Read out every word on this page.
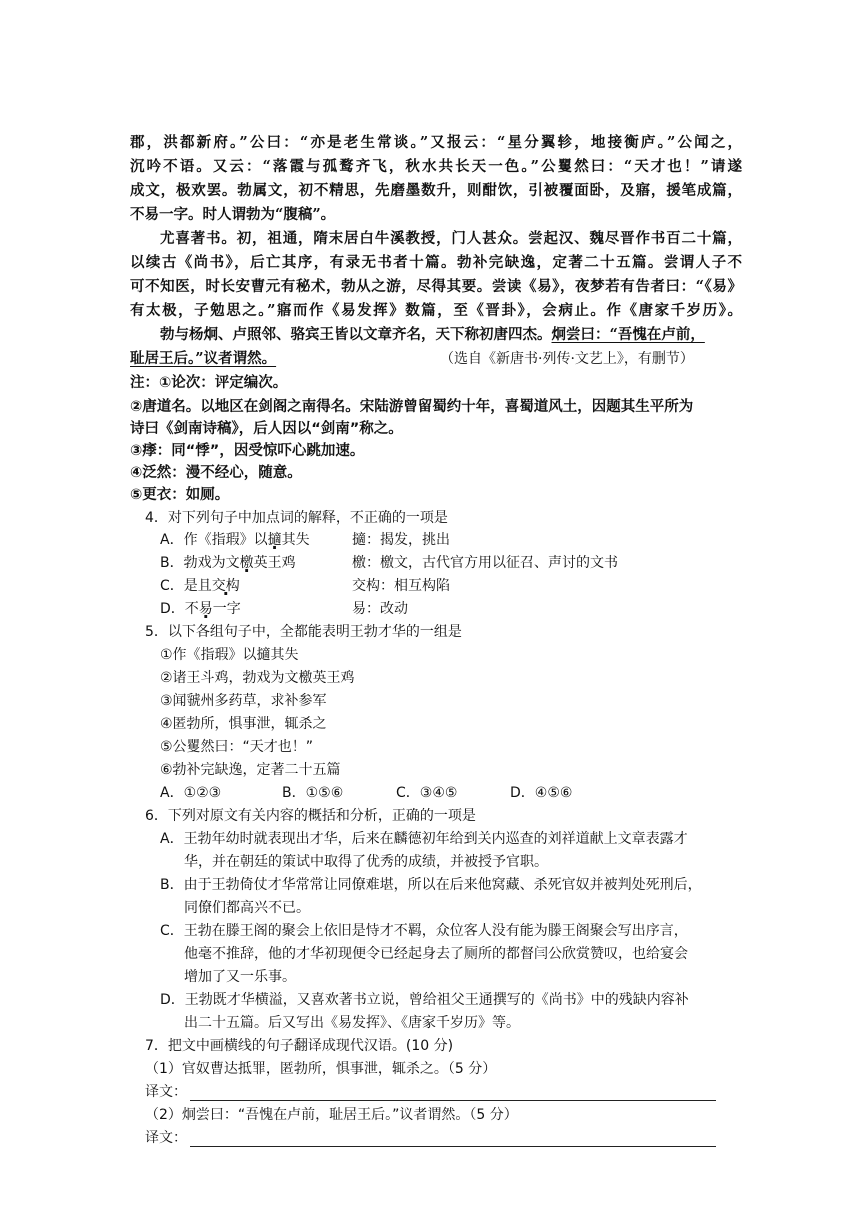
郡，洪都新府。”公曰：“亦是老生常谈。”又报云：“星分翼轸，地接衡庐。”公闻之，
沉吟不语。又云：“落霞与孤鹜齐飞，秋水共长天一色。”公矍然曰：“天才也！”请遂
成文，极欢罢。勃属文，初不精思，先磨墨数升，则酣饮，引被覆面卧，及寤，援笔成篇，
不易一字。时人谓勃为“腹稿”。
尤喜著书。初，祖通，隋末居白牛溪教授，门人甚众。尝起汉、魏尽晋作书百二十篇，
以续古《尚书》，后亡其序，有录无书者十篇。勃补完缺逸，定著二十五篇。尝谓人子不
可不知医，时长安曹元有秘术，勃从之游，尽得其要。尝读《易》，夜梦若有告者曰：“《易》
有太极，子勉思之。”寤而作《易发挥》数篇，至《晋卦》，会病止。作《唐家千岁历》。
勃与杨炯、卢照邻、骆宾王皆以文章齐名，天下称初唐四杰。炯尝曰：“吾愧在卢前，
耻居王后。”议者谓然。	（选自《新唐书·列传·文艺上》，有删节）
注：①论次：评定编次。
②唐道名。以地区在剑阁之南得名。宋陆游曾留蜀约十年，喜蜀道风土，因题其生平所为
诗曰《剑南诗稿》，后人因以“剑南”称之。
③痵：同“悸”，因受惊吓心跳加速。
④泛然：漫不经心，随意。
⑤更衣：如厕。
4．对下列句子中加点词的解释，不正确的一项是
A．作《指瑕》以擿其失	擿：揭发，挑出
B．勃戏为文檄英王鸡	檄：檄文，古代官方用以征召、声讨的文书
C．是且交构	交构：相互构陷
D．不易一字	易：改动
5．以下各组句子中，全都能表明王勃才华的一组是
①作《指瑕》以擿其失
②诸王斗鸡，勃戏为文檄英王鸡
③闻虢州多药草，求补参军
④匿勃所，惧事泄，辄杀之
⑤公矍然曰：“天才也！”
⑥勃补完缺逸，定著二十五篇
A．①②③	B．①⑤⑥	C．③④⑤	D．④⑤⑥
6．下列对原文有关内容的概括和分析，正确的一项是
A．王勃年幼时就表现出才华，后来在麟德初年给到关内巡查的刘祥道献上文章表露才
华，并在朝廷的策试中取得了优秀的成绩，并被授予官职。
B．由于王勃倚仗才华常常让同僚难堪，所以在后来他窝藏、杀死官奴并被判处死刑后，
同僚们都高兴不已。
C．王勃在滕王阁的聚会上依旧是恃才不羁，众位客人没有能为滕王阁聚会写出序言，
他毫不推辞，他的才华初现便令已经起身去了厕所的都督闫公欣赏赞叹，也给宴会
增加了又一乐事。
D．王勃既才华横溢，又喜欢著书立说，曾给祖父王通撰写的《尚书》中的残缺内容补
出二十五篇。后又写出《易发挥》、《唐家千岁历》等。
7．把文中画横线的句子翻译成现代汉语。(10 分)
（1）官奴曹达抵罪，匿勃所，惧事泄，辄杀之。（5 分）
译文：
（2）炯尝曰：“吾愧在卢前，耻居王后。”议者谓然。（5 分）
译文：
